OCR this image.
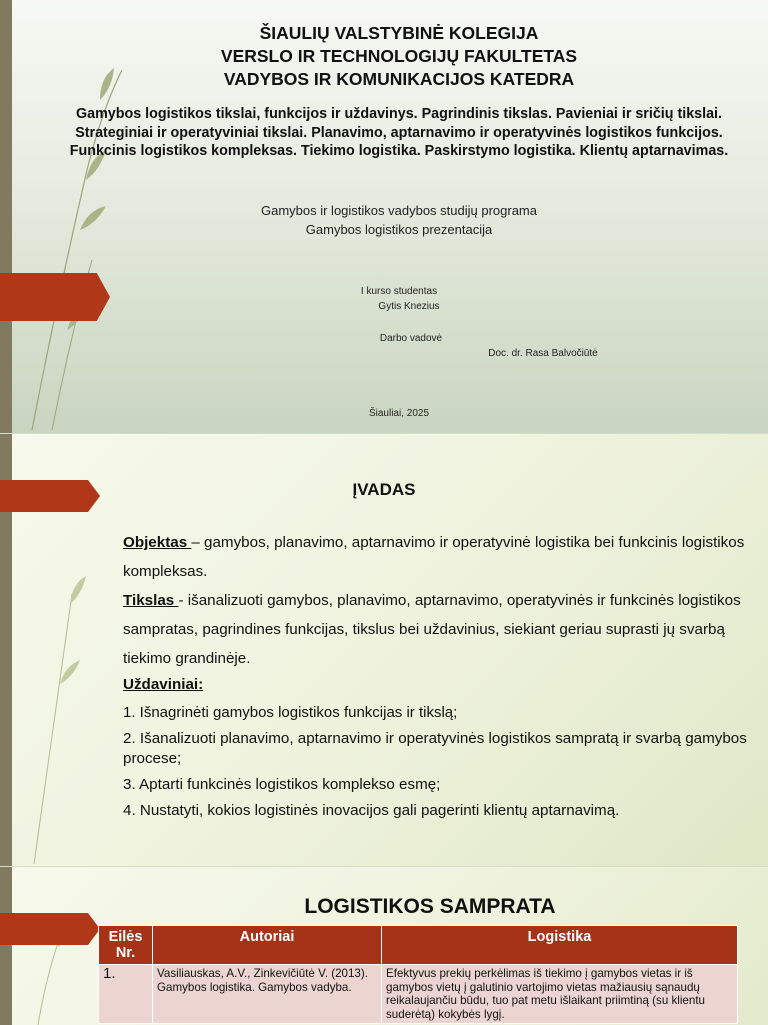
ŠIAULIŲ VALSTYBINĖ KOLEGIJA
VERSLO IR TECHNOLOGIJŲ FAKULTETAS
VADYBOS IR KOMUNIKACIJOS KATEDRA
Gamybos logistikos tikslai, funkcijos ir uždavinys. Pagrindinis tikslas. Pavieniai ir sričių tikslai. Strateginiai ir operatyviniai tikslai. Planavimo, aptarnavimo ir operatyvinės logistikos funkcijos. Funkcinis logistikos kompleksas. Tiekimo logistika. Paskirstymo logistika. Klientų aptarnavimas.
Gamybos ir logistikos vadybos studijų programa
Gamybos logistikos prezentacija
I kurso studentas
Gytis Knezius
Darbo vadovė
Doc. dr. Rasa Balvočiūtė
Šiauliai, 2025
ĮVADAS
Objektas – gamybos, planavimo, aptarnavimo ir operatyvinė logistika bei funkcinis logistikos kompleksas.
Tikslas - išanalizuoti gamybos, planavimo, aptarnavimo, operatyvinės ir funkcinės logistikos sampratas, pagrindines funkcijas, tikslus bei uždavinius, siekiant geriau suprasti jų svarbą tiekimo grandinėje.
Uždaviniai:
1. Išnagrinėti gamybos logistikos funkcijas ir tikslą;
2. Išanalizuoti planavimo, aptarnavimo ir operatyvinės logistikos sampratą ir svarbą gamybos procese;
3. Aptarti funkcinės logistikos komplekso esmę;
4. Nustatyti, kokios logistinės inovacijos gali pagerinti klientų aptarnavimą.
LOGISTIKOS SAMPRATA
Eilės Nr.	Autoriai	Logistika
1.	Vasiliauskas, A.V., Zinkevičiūtė V. (2013). Gamybos logistika. Gamybos vadyba.	Efektyvus prekių perkėlimas iš tiekimo į gamybos vietas ir iš gamybos vietų į galutinio vartojimo vietas mažiausių sąnaudų reikalaujančiu būdu, tuo pat metu išlaikant priimtiną (su klientu suderėtą) kokybės lygį.
